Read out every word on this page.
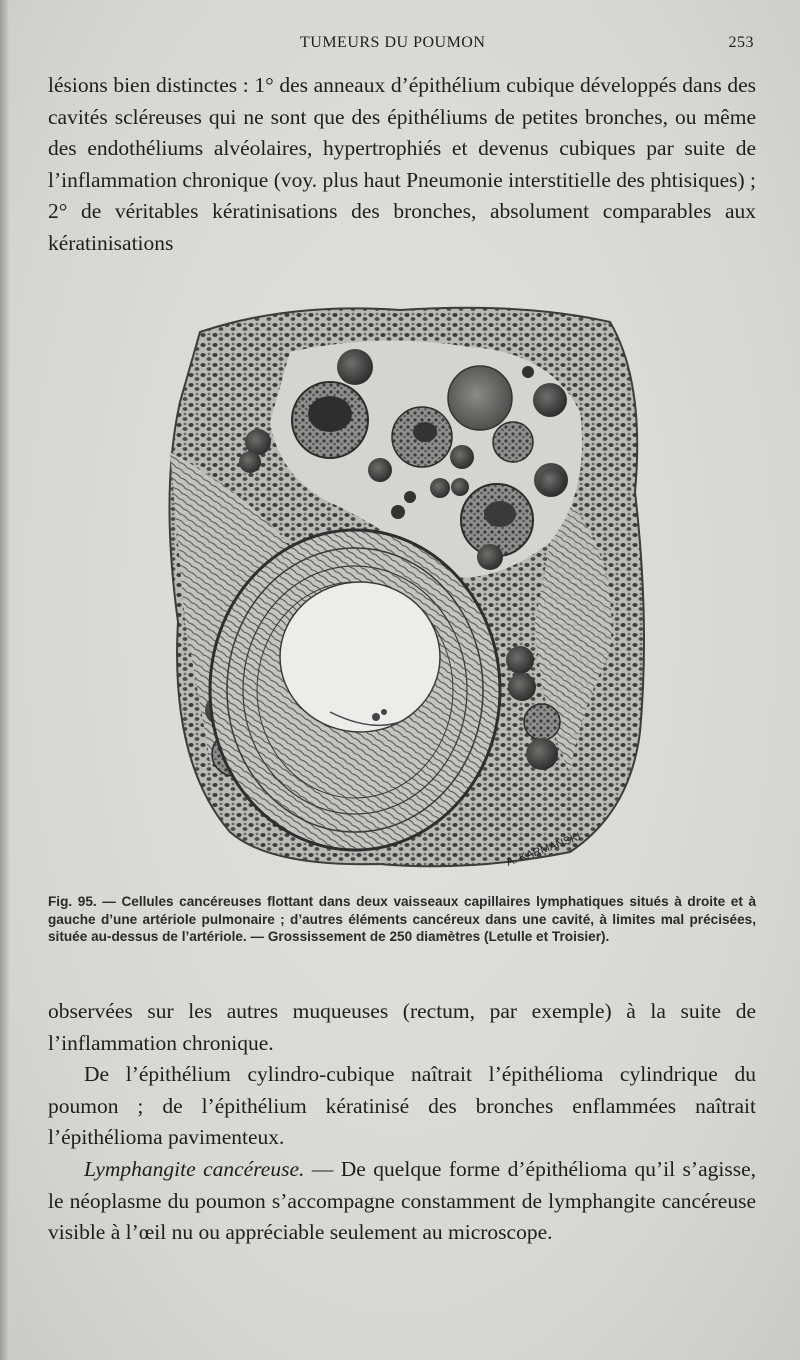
TUMEURS DU POUMON	253

lésions bien distinctes : 1° des anneaux d’épithélium cubique développés dans des cavités scléreuses qui ne sont que des épithéliums de petites bronches, ou même des endothéliums alvéolaires, hypertrophiés et devenus cubiques par suite de l’inflammation chronique (voy. plus haut Pneumonie interstitielle des phtisiques) ; 2° de véritables kératinisations des bronches, absolument comparables aux kératinisations

A. KARMANSKI

Fig. 95. — Cellules cancéreuses flottant dans deux vaisseaux capillaires lymphatiques situés à droite et à gauche d’une artériole pulmonaire ; d’autres éléments cancéreux dans une cavité, à limites mal précisées, située au-dessus de l’artériole. — Grossissement de 250 diamètres (Letulle et Troisier).

observées sur les autres muqueuses (rectum, par exemple) à la suite de l’inflammation chronique.

De l’épithélium cylindro-cubique naîtrait l’épithélioma cylindrique du poumon ; de l’épithélium kératinisé des bronches enflammées naîtrait l’épithélioma pavimenteux.

Lymphangite cancéreuse. — De quelque forme d’épithélioma qu’il s’agisse, le néoplasme du poumon s’accompagne constamment de lymphangite cancéreuse visible à l’œil nu ou appréciable seulement au microscope.
